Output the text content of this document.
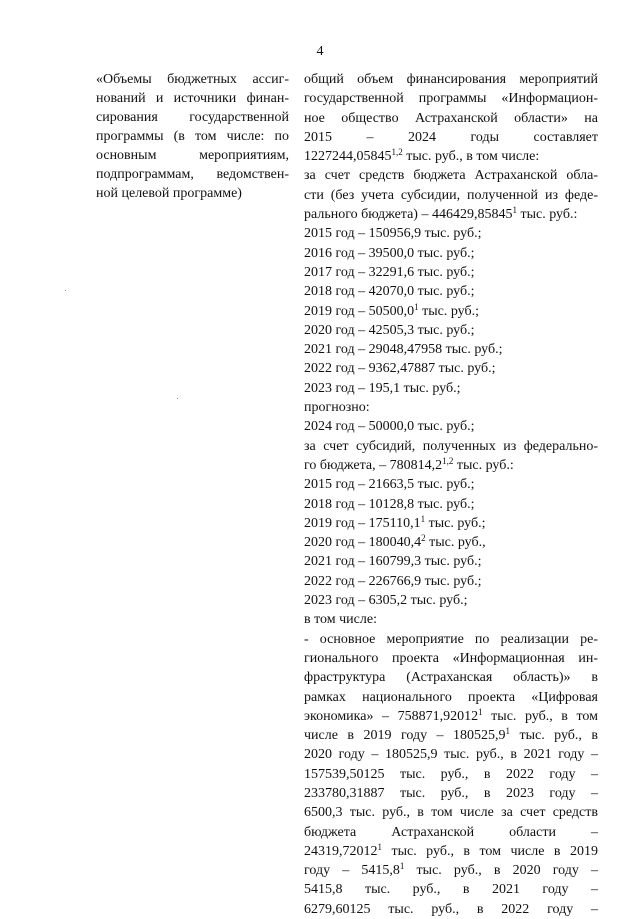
4
«Объемы бюджетных ассиг-
нований и источники финан-
сирования государственной
программы (в том числе: по
основным мероприятиям,
подпрограммам, ведомствен-
ной целевой программе)
общий объем финансирования мероприятий
государственной программы «Информацион-
ное общество Астраханской области» на
2015 – 2024 годы составляет
1227244,05845$^{1,2}$ тыс. руб., в том числе:
за счет средств бюджета Астраханской обла-
сти (без учета субсидии, полученной из феде-
рального бюджета) – 446429,85845$^1$ тыс. руб.:
2015 год – 150956,9 тыс. руб.;
2016 год – 39500,0 тыс. руб.;
2017 год – 32291,6 тыс. руб.;
2018 год – 42070,0 тыс. руб.;
2019 год – 50500,0$^1$ тыс. руб.;
2020 год – 42505,3 тыс. руб.;
2021 год – 29048,47958 тыс. руб.;
2022 год – 9362,47887 тыс. руб.;
2023 год – 195,1 тыс. руб.;
прогнозно:
2024 год – 50000,0 тыс. руб.;
за счет субсидий, полученных из федерально-
го бюджета, – 780814,2$^{1,2}$ тыс. руб.:
2015 год – 21663,5 тыс. руб.;
2018 год – 10128,8 тыс. руб.;
2019 год – 175110,1$^1$ тыс. руб.;
2020 год – 180040,4$^2$ тыс. руб.,
2021 год – 160799,3 тыс. руб.;
2022 год – 226766,9 тыс. руб.;
2023 год – 6305,2 тыс. руб.;
в том числе:
- основное мероприятие по реализации ре-
гионального проекта «Информационная ин-
фраструктура (Астраханская область)» в
рамках национального проекта «Цифровая
экономика» – 758871,92012$^1$ тыс. руб., в том
числе в 2019 году – 180525,9$^1$ тыс. руб., в
2020 году – 180525,9 тыс. руб., в 2021 году –
157539,50125 тыс. руб., в 2022 году –
233780,31887 тыс. руб., в 2023 году –
6500,3 тыс. руб., в том числе за счет средств
бюджета Астраханской области –
24319,72012$^1$ тыс. руб., в том числе в 2019
году – 5415,8$^1$ тыс. руб., в 2020 году –
5415,8 тыс. руб., в 2021 году –
6279,60125 тыс. руб., в 2022 году –
